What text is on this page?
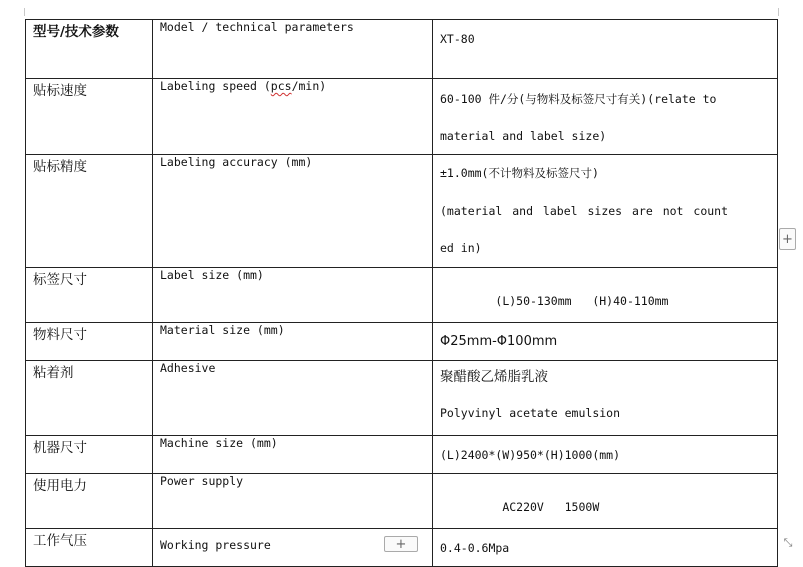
型号/技术参数	Model / technical parameters	XT-80
贴标速度	Labeling speed (pcs/min)	60-100 件/分(与物料及标签尺寸有关)(relate to
material and label size)

贴标精度	Labeling accuracy (mm)	±1.0mm(不计物料及标签尺寸)
(material and label sizes are not count
ed in)

标签尺寸	Label size (mm)	(L)50-130mm   (H)40-110mm

物料尺寸	Material size (mm)	Φ25mm-Φ100mm
粘着剂	Adhesive	聚醋酸乙烯脂乳液
Polyvinyl acetate emulsion

机器尺寸	Machine size (mm)	(L)2400*(W)950*(H)1000(mm)
使用电力	Power supply	AC220V   1500W

工作气压	Working pressure	0.4-0.6Mpa
+
+	⤡
